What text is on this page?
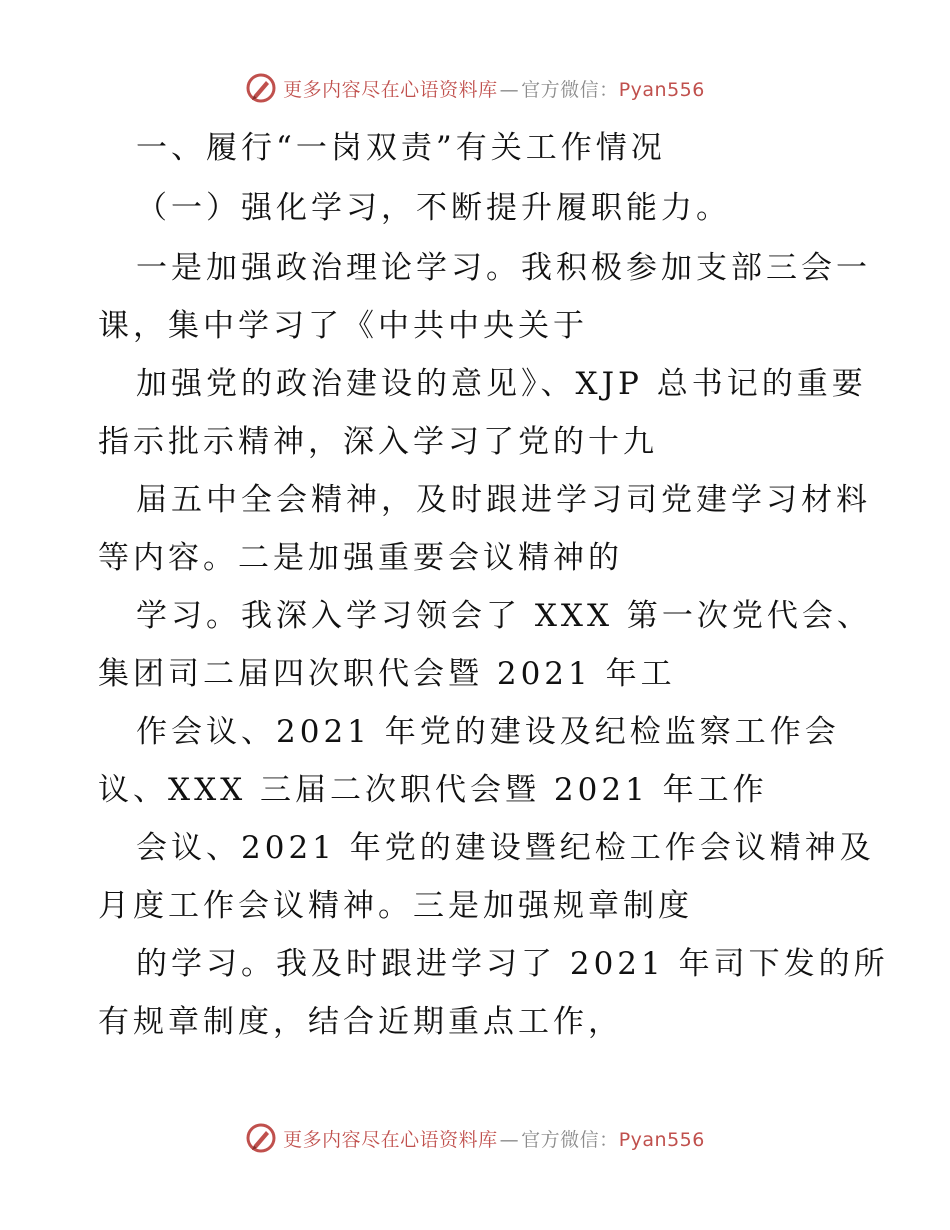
更多内容尽在心语资料库 — 官方微信：Pyan556
一、履行“一岗双责”有关工作情况
（一）强化学习，不断提升履职能力。
一是加强政治理论学习。我积极参加支部三会一
课，集中学习了《中共中央关于
加强党的政治建设的意见》、XJP 总书记的重要
指示批示精神，深入学习了党的十九
届五中全会精神，及时跟进学习司党建学习材料
等内容。二是加强重要会议精神的
学习。我深入学习领会了 XXX 第一次党代会、
集团司二届四次职代会暨 2021 年工
作会议、2021 年党的建设及纪检监察工作会
议、XXX 三届二次职代会暨 2021 年工作
会议、2021 年党的建设暨纪检工作会议精神及
月度工作会议精神。三是加强规章制度
的学习。我及时跟进学习了 2021 年司下发的所
有规章制度，结合近期重点工作，
更多内容尽在心语资料库 — 官方微信：Pyan556
